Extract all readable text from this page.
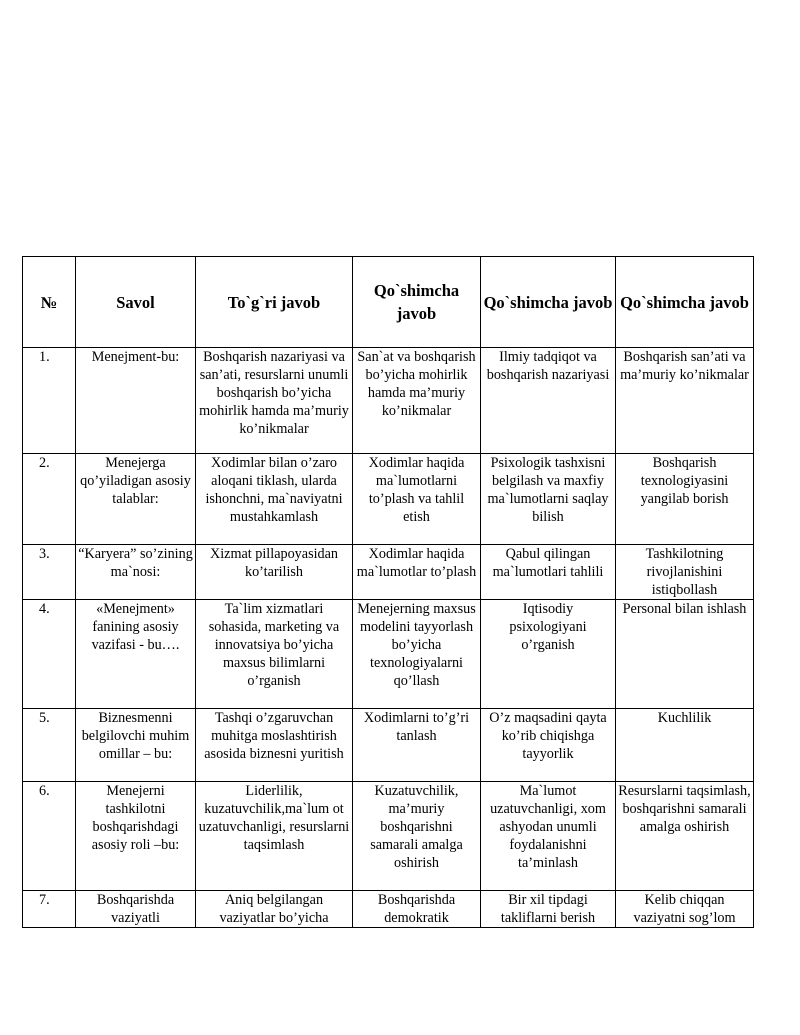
№	Savol	To`g`ri javob	Qo`shimcha javob	Qo`shimcha javob	Qo`shimcha javob
1.	Menejment-bu:	Boshqarish nazariyasi va san’ati, resurslarni unumli boshqarish bo’yicha mohirlik hamda ma’muriy ko’nikmalar	San`at va boshqarish bo’yicha mohirlik hamda ma’muriy ko’nikmalar	Ilmiy tadqiqot va boshqarish nazariyasi	Boshqarish san’ati va ma’muriy ko’nikmalar
2.	Menejerga qo’yiladigan asosiy talablar:	Xodimlar bilan o’zaro aloqani tiklash, ularda ishonchni, ma`naviyatni mustahkamlash	Xodimlar haqida ma`lumotlarni to’plash va tahlil etish	Psixologik tashxisni belgilash va maxfiy ma`lumotlarni saqlay bilish	Boshqarish texnologiyasini yangilab borish
3.	“Karyera” so’zining ma`nosi:	Xizmat pillapoyasidan ko’tarilish	Xodimlar haqida ma`lumotlar to’plash	Qabul qilingan ma`lumotlari tahlili	Tashkilotning rivojlanishini istiqbollash
4.	«Menejment» fanining asosiy vazifasi - bu….	Ta`lim xizmatlari sohasida, marketing va innovatsiya bo’yicha maxsus bilimlarni o’rganish	Menejerning maxsus modelini tayyorlash bo’yicha texnologiyalarni qo’llash	Iqtisodiy psixologiyani o’rganish	Personal bilan ishlash
5.	Biznesmenni belgilovchi muhim omillar – bu:	Tashqi o’zgaruvchan muhitga moslashtirish asosida biznesni yuritish	Xodimlarni to’g’ri tanlash	O’z maqsadini qayta ko’rib chiqishga tayyorlik	Kuchlilik
6.	Menejerni tashkilotni boshqarishdagi asosiy roli –bu:	Liderlilik, kuzatuvchilik,ma`lum ot uzatuvchanligi, resurslarni taqsimlash	Kuzatuvchilik, ma’muriy boshqarishni samarali amalga oshirish	Ma`lumot uzatuvchanligi, xom ashyodan unumli foydalanishni ta’minlash	Resurslarni taqsimlash, boshqarishni samarali amalga oshirish
7.	Boshqarishda vaziyatli	Aniq belgilangan vaziyatlar bo’yicha	Boshqarishda demokratik	Bir xil tipdagi takliflarni berish	Kelib chiqqan vaziyatni sog’lom
